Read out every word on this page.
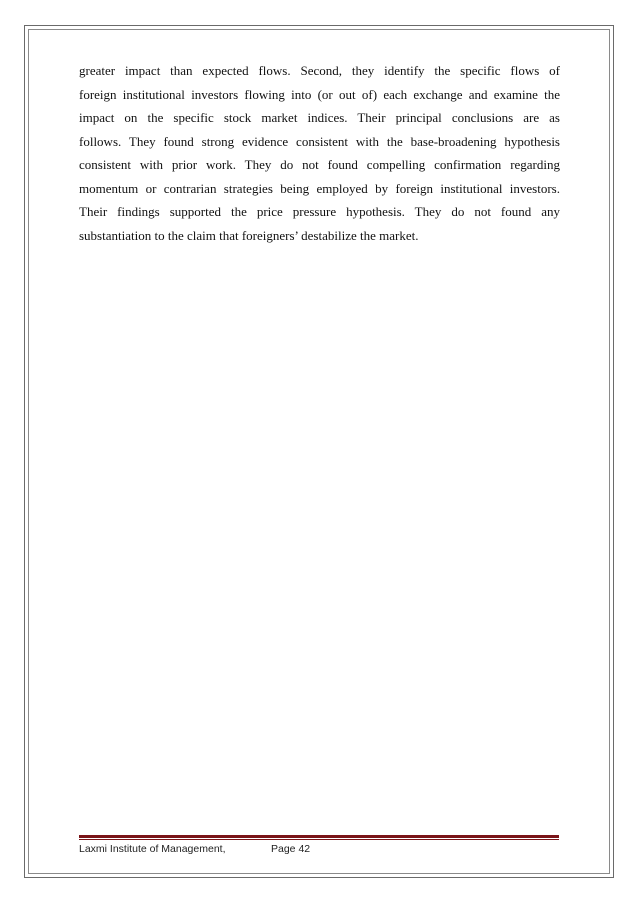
greater impact than expected flows. Second, they identify the specific flows of
foreign institutional investors flowing into (or out of) each exchange and examine the
impact on the specific stock market indices. Their principal conclusions are as
follows. They found strong evidence consistent with the base-broadening hypothesis
consistent with prior work. They do not found compelling confirmation regarding
momentum or contrarian strategies being employed by foreign institutional investors.
Their findings supported the price pressure hypothesis. They do not found any
substantiation to the claim that foreigners’ destabilize the market.

Laxmi Institute of Management,	Page 42
